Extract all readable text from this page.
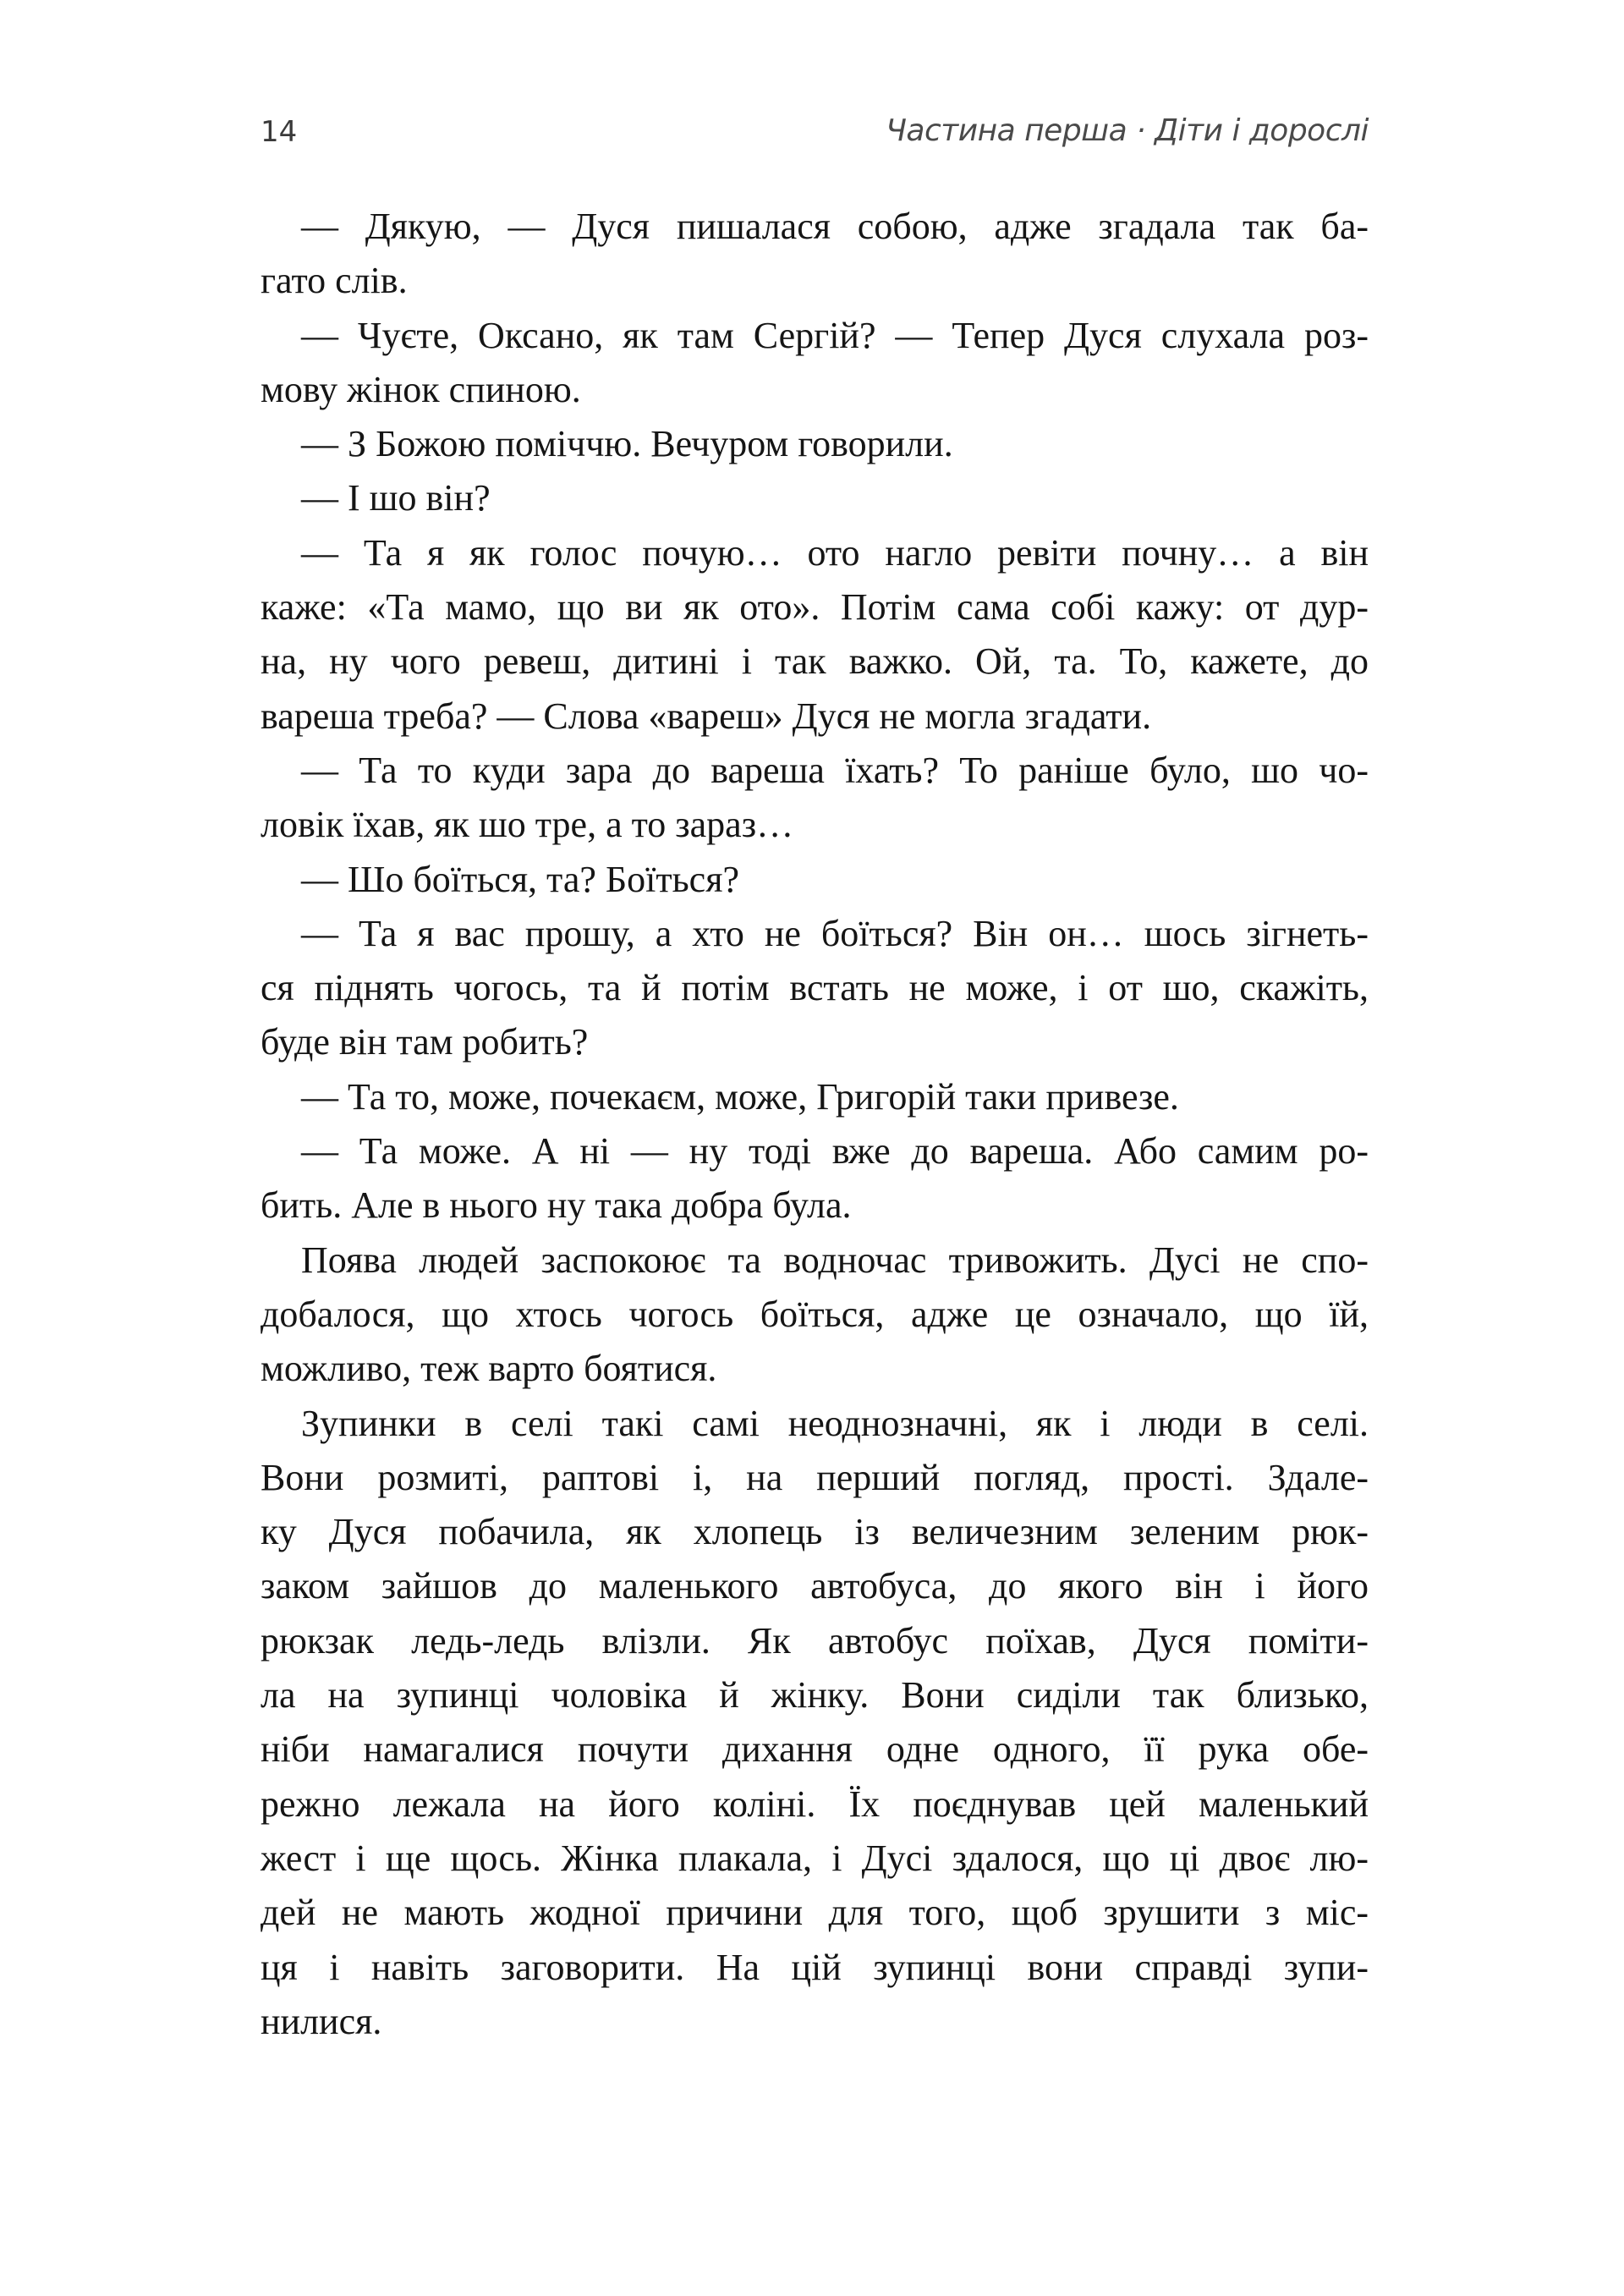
14	Частина перша · Діти і дорослі
— Дякую, — Дуся пишалася собою, адже згадала так ба-
гато слів.
— Чуєте, Оксано, як там Сергій? — Тепер Дуся слухала роз-
мову жінок спиною.
— З Божою поміччю. Вечуром говорили.
— І шо він?
— Та я як голос почую… ото нагло ревіти почну… а він
каже: «Та мамо, що ви як ото». Потім сама собі кажу: от дур-
на, ну чого ревеш, дитині і так важко. Ой, та. То, кажете, до
вареша треба? — Слова «вареш» Дуся не могла згадати.
— Та то куди зара до вареша їхать? То раніше було, шо чо-
ловік їхав, як шо тре, а то зараз…
— Шо боїться, та? Боїться?
— Та я вас прошу, а хто не боїться? Він он… шось зігнеть-
ся піднять чогось, та й потім встать не може, і от шо, скажіть,
буде він там робить?
— Та то, може, почекаєм, може, Григорій таки привезе.
— Та може. А ні — ну тоді вже до вареша. Або самим ро-
бить. Але в нього ну така добра була.
Поява людей заспокоює та водночас тривожить. Дусі не спо-
добалося, що хтось чогось боїться, адже це означало, що їй,
можливо, теж варто боятися.
Зупинки в селі такі самі неоднозначні, як і люди в селі.
Вони розмиті, раптові і, на перший погляд, прості. Здале-
ку Дуся побачила, як хлопець із величезним зеленим рюк-
заком зайшов до маленького автобуса, до якого він і його
рюкзак ледь-ледь влізли. Як автобус поїхав, Дуся поміти-
ла на зупинці чоловіка й жінку. Вони сиділи так близько,
ніби намагалися почути дихання одне одного, її рука обе-
режно лежала на його коліні. Їх поєднував цей маленький
жест і ще щось. Жінка плакала, і Дусі здалося, що ці двоє лю-
дей не мають жодної причини для того, щоб зрушити з міс-
ця і навіть заговорити. На цій зупинці вони справді зупи-
нилися.
